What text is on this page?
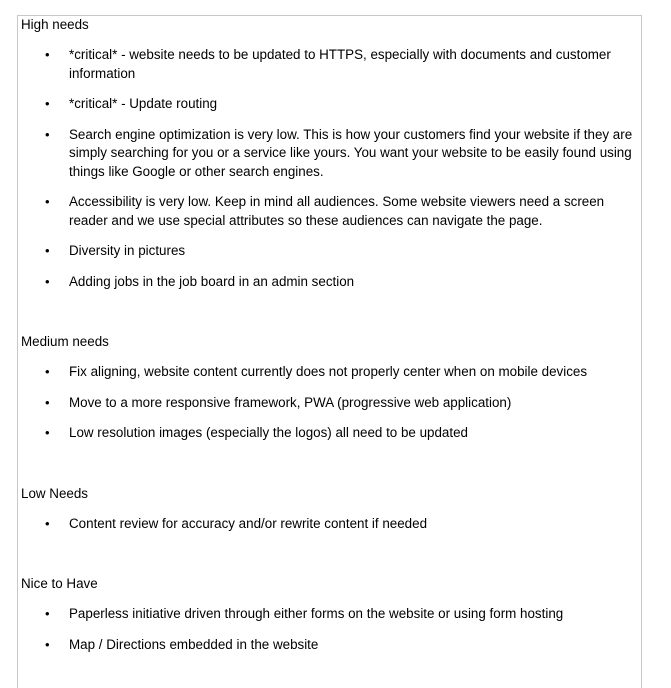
High needs

• *critical* - website needs to be updated to HTTPS, especially with documents and customer information
• *critical* - Update routing
• Search engine optimization is very low. This is how your customers find your website if they are simply searching for you or a service like yours. You want your website to be easily found using things like Google or other search engines.
• Accessibility is very low. Keep in mind all audiences. Some website viewers need a screen reader and we use special attributes so these audiences can navigate the page.
• Diversity in pictures
• Adding jobs in the job board in an admin section

Medium needs

• Fix aligning, website content currently does not properly center when on mobile devices
• Move to a more responsive framework, PWA (progressive web application)
• Low resolution images (especially the logos) all need to be updated

Low Needs

• Content review for accuracy and/or rewrite content if needed

Nice to Have

• Paperless initiative driven through either forms on the website or using form hosting
• Map / Directions embedded in the website
